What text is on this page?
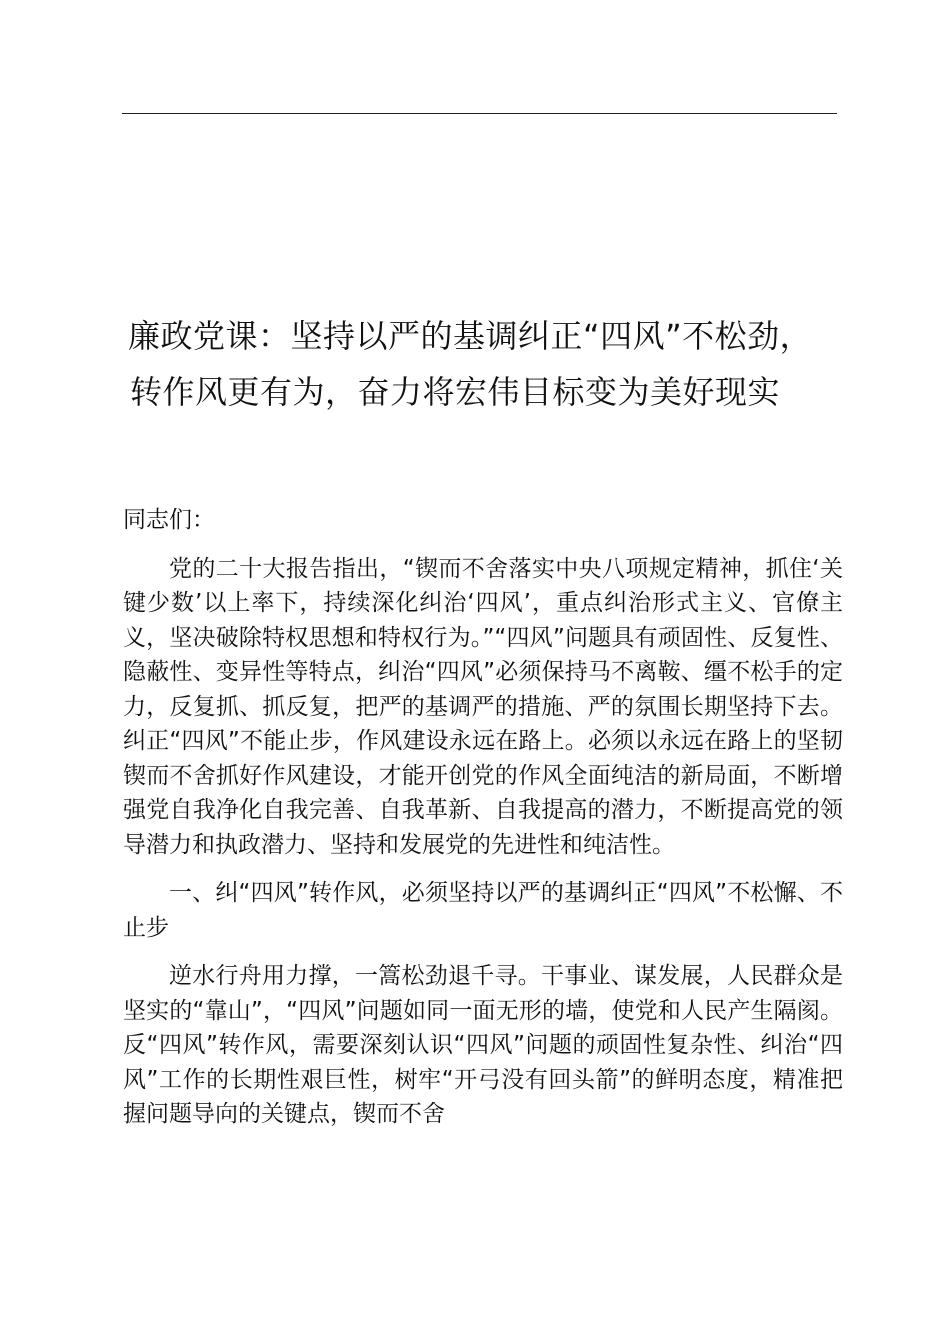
廉政党课：坚持以严的基调纠正“四风”不松劲，
转作风更有为，奋力将宏伟目标变为美好现实

同志们：

党的二十大报告指出，“锲而不舍落实中央八项规定精神，抓住‘关键少数’以上率下，持续深化纠治‘四风’，重点纠治形式主义、官僚主义，坚决破除特权思想和特权行为。”“四风”问题具有顽固性、反复性、隐蔽性、变异性等特点，纠治“四风”必须保持马不离鞍、缰不松手的定力，反复抓、抓反复，把严的基调严的措施、严的氛围长期坚持下去。纠正“四风”不能止步，作风建设永远在路上。必须以永远在路上的坚韧锲而不舍抓好作风建设，才能开创党的作风全面纯洁的新局面，不断增强党自我净化自我完善、自我革新、自我提高的潜力，不断提高党的领导潜力和执政潜力、坚持和发展党的先进性和纯洁性。

一、纠“四风”转作风，必须坚持以严的基调纠正“四风”不松懈、不止步

逆水行舟用力撑，一篙松劲退千寻。干事业、谋发展，人民群众是坚实的“靠山”，“四风”问题如同一面无形的墙，使党和人民产生隔阂。反“四风”转作风，需要深刻认识“四风”问题的顽固性复杂性、纠治“四风”工作的长期性艰巨性，树牢“开弓没有回头箭”的鲜明态度，精准把握问题导向的关键点，锲而不舍
